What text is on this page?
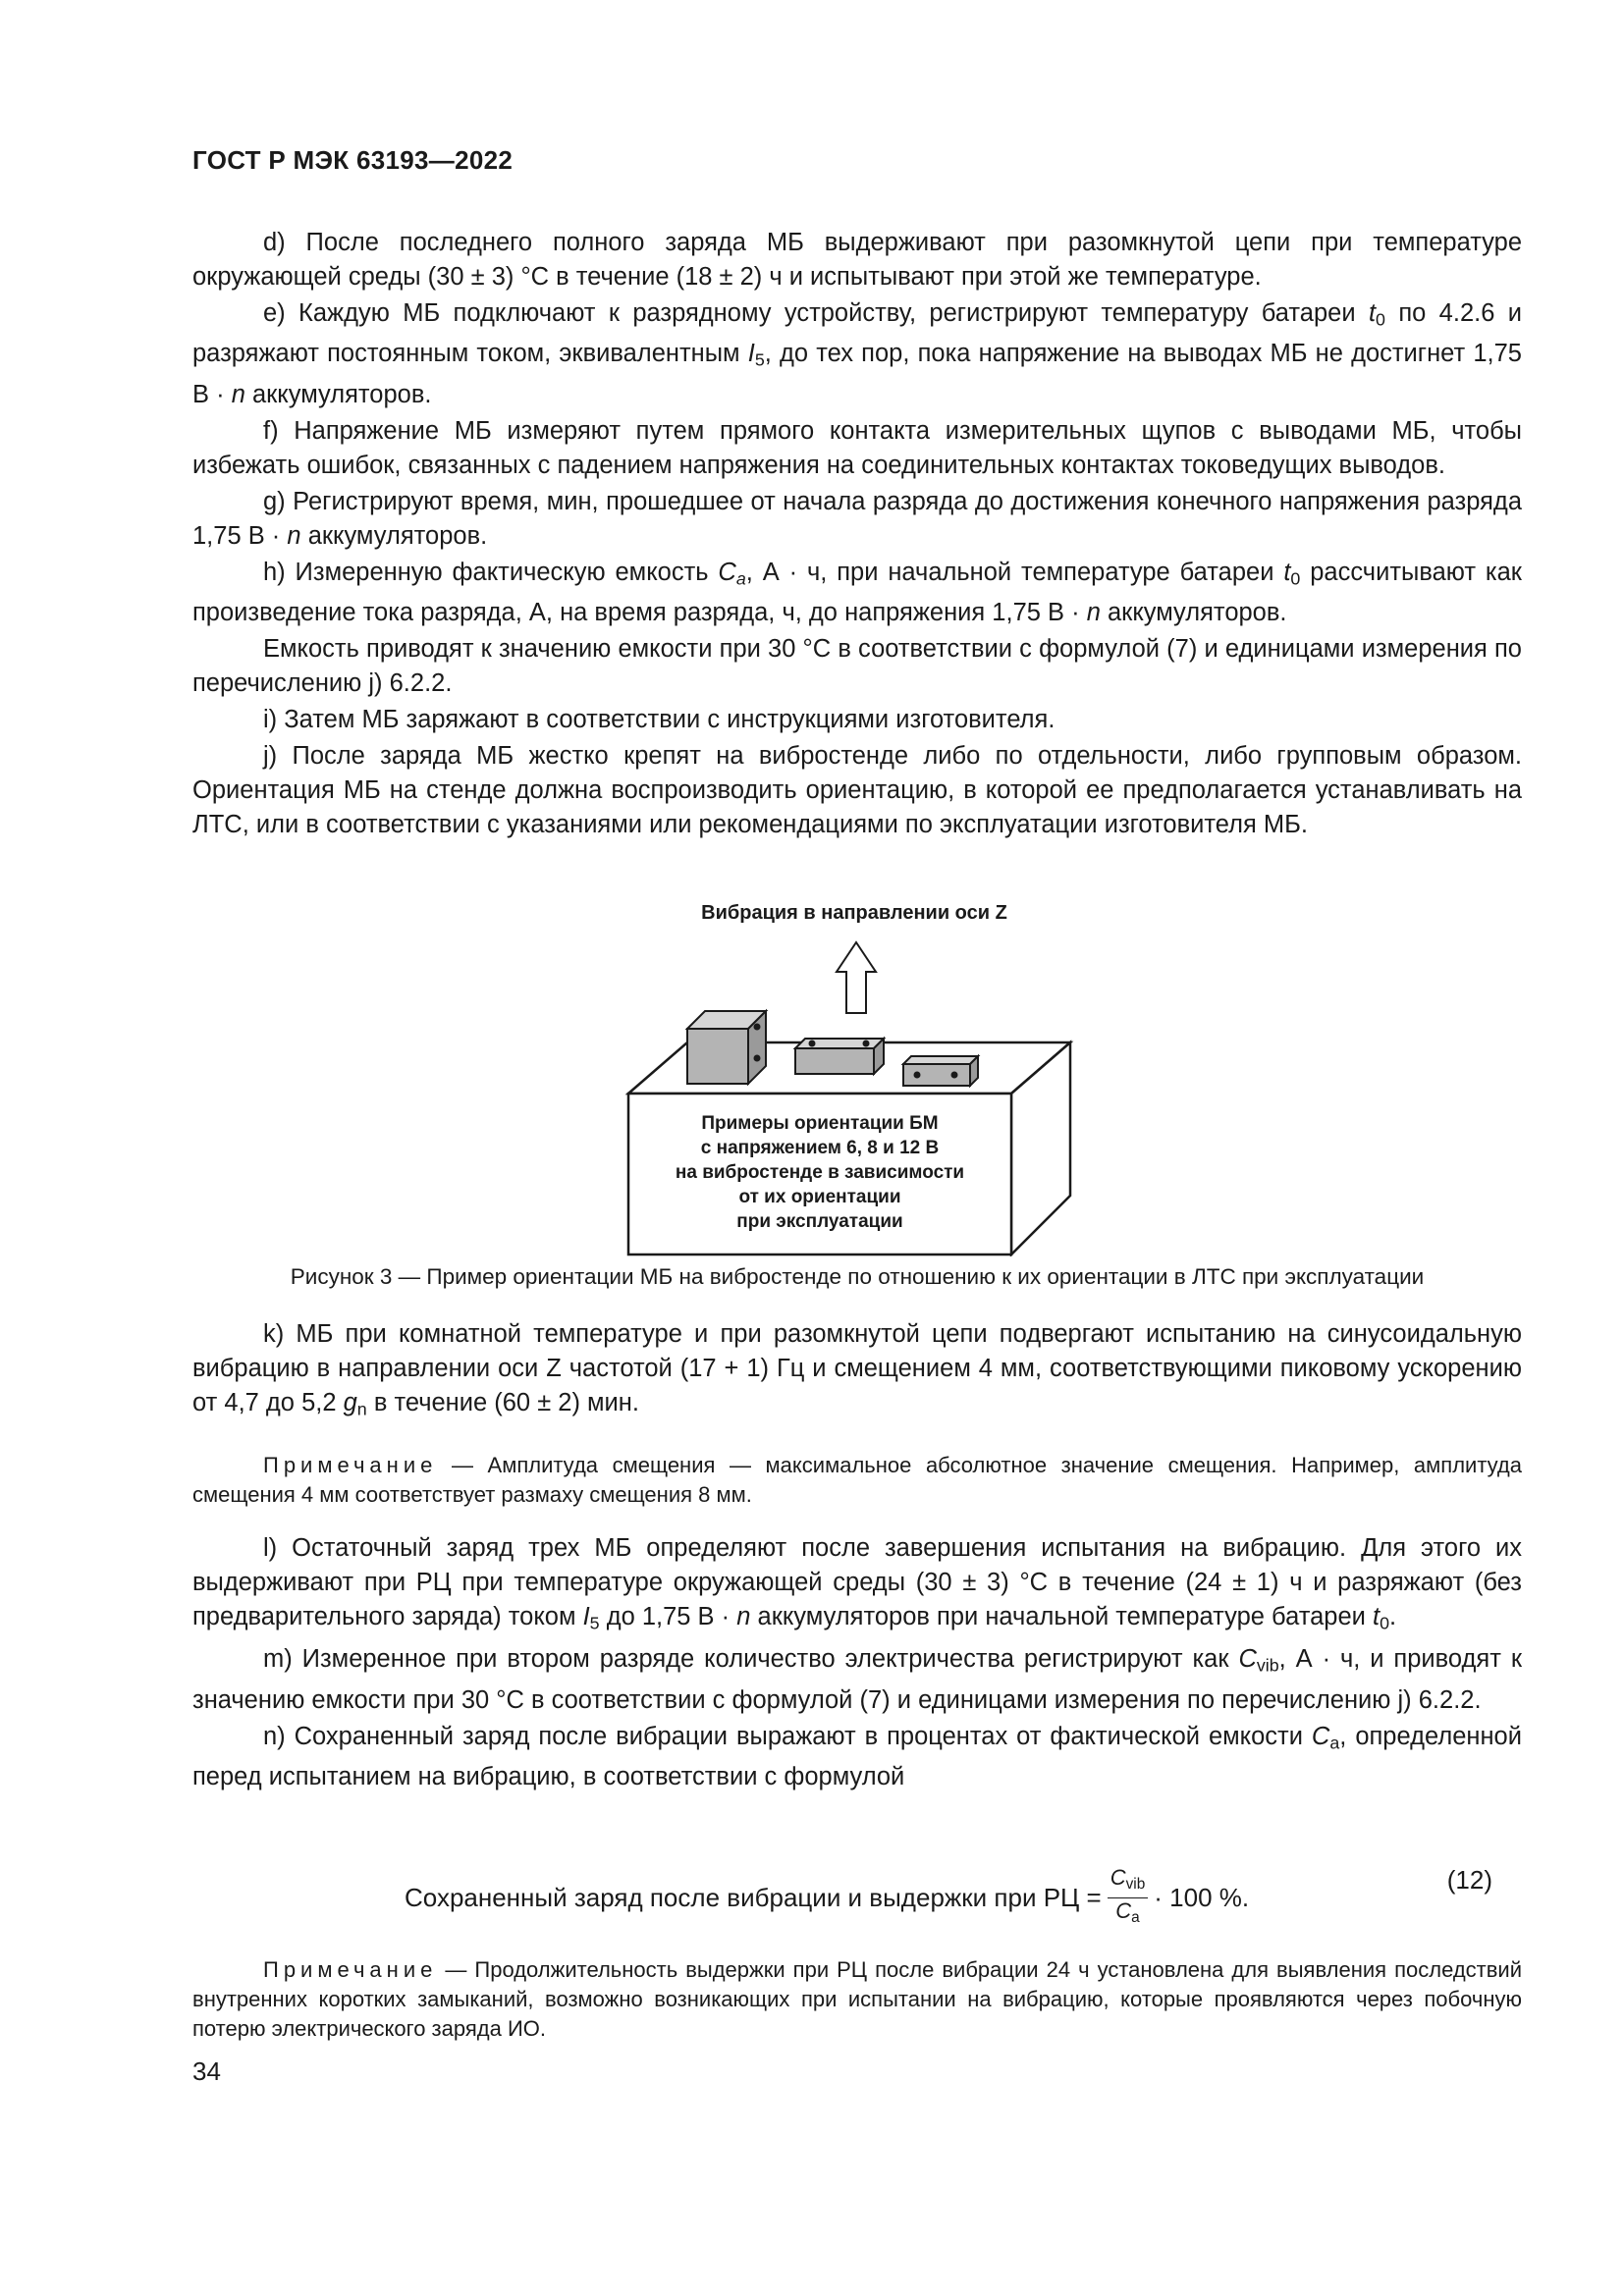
ГОСТ Р МЭК 63193—2022

d) После последнего полного заряда МБ выдерживают при разомкнутой цепи при температуре окружающей среды (30 ± 3) °С в течение (18 ± 2) ч и испытывают при этой же температуре.

e) Каждую МБ подключают к разрядному устройству, регистрируют температуру батареи $t_0$ по 4.2.6 и разряжают постоянным током, эквивалентным $I_5$, до тех пор, пока напряжение на выводах МБ не достигнет 1,75 В · n аккумуляторов.

f) Напряжение МБ измеряют путем прямого контакта измерительных щупов с выводами МБ, чтобы избежать ошибок, связанных с падением напряжения на соединительных контактах токоведущих выводов.

g) Регистрируют время, мин, прошедшее от начала разряда до достижения конечного напряжения разряда 1,75 В · n аккумуляторов.

h) Измеренную фактическую емкость $C_a$, А · ч, при начальной температуре батареи $t_0$ рассчитывают как произведение тока разряда, А, на время разряда, ч, до напряжения 1,75 В · n аккумуляторов.

Емкость приводят к значению емкости при 30 °С в соответствии с формулой (7) и единицами измерения по перечислению j) 6.2.2.

i) Затем МБ заряжают в соответствии с инструкциями изготовителя.

j) После заряда МБ жестко крепят на вибростенде либо по отдельности, либо групповым образом. Ориентация МБ на стенде должна воспроизводить ориентацию, в которой ее предполагается устанавливать на ЛТС, или в соответствии с указаниями или рекомендациями по эксплуатации изготовителя МБ.

Вибрация в направлении оси Z
Примеры ориентации БМ
с напряжением 6, 8 и 12 В
на вибростенде в зависимости
от их ориентации
при эксплуатации
Рисунок 3 — Пример ориентации МБ на вибростенде по отношению к их ориентации в ЛТС при эксплуатации

k) МБ при комнатной температуре и при разомкнутой цепи подвергают испытанию на синусоидальную вибрацию в направлении оси Z частотой (17 + 1) Гц и смещением 4 мм, соответствующими пиковому ускорению от 4,7 до 5,2 $g_n$ в течение (60 ± 2) мин.

Примечание — Амплитуда смещения — максимальное абсолютное значение смещения. Например, амплитуда смещения 4 мм соответствует размаху смещения 8 мм.

l) Остаточный заряд трех МБ определяют после завершения испытания на вибрацию. Для этого их выдерживают при РЦ при температуре окружающей среды (30 ± 3) °С в течение (24 ± 1) ч и разряжают (без предварительного заряда) током $I_5$ до 1,75 В · n аккумуляторов при начальной температуре батареи $t_0$.

m) Измеренное при втором разряде количество электричества регистрируют как $C_{vib}$, А · ч, и приводят к значению емкости при 30 °С в соответствии с формулой (7) и единицами измерения по перечислению j) 6.2.2.

n) Сохраненный заряд после вибрации выражают в процентах от фактической емкости $C_a$, определенной перед испытанием на вибрацию, в соответствии с формулой

Сохраненный заряд после вибрации и выдержки при РЦ = $\frac{C_{vib}}{C_a} \cdot 100$ %.
(12)
Примечание — Продолжительность выдержки при РЦ после вибрации 24 ч установлена для выявления последствий внутренних коротких замыканий, возможно возникающих при испытании на вибрацию, которые проявляются через побочную потерю электрического заряда ИО.
34
